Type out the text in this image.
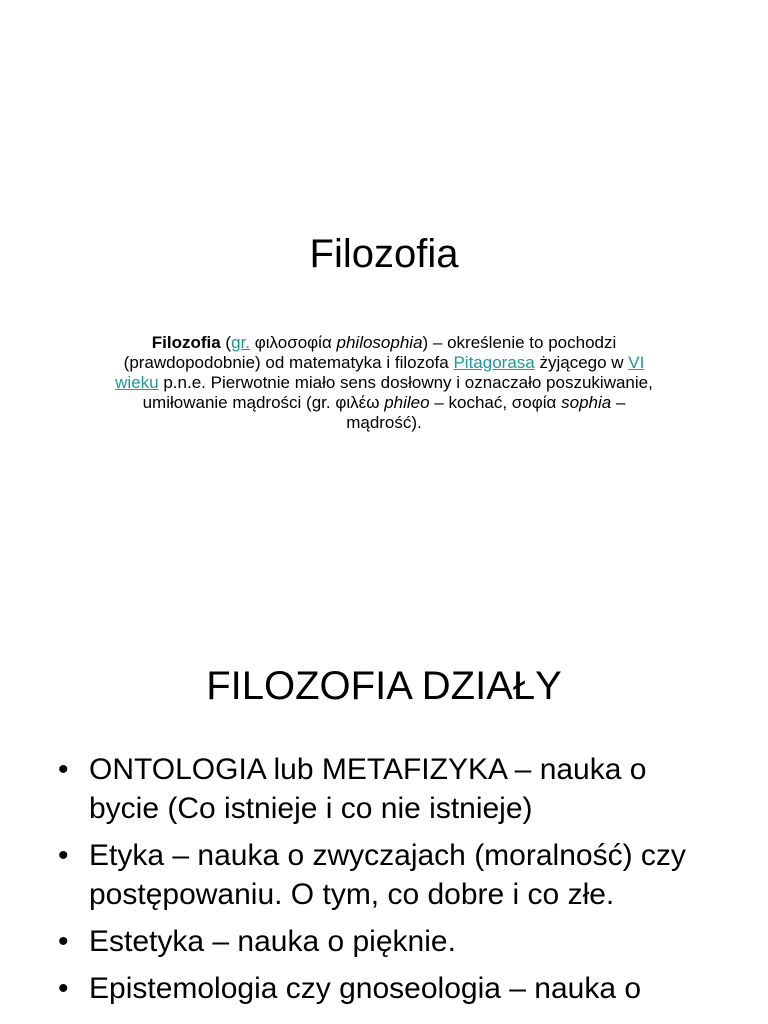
Filozofia
Filozofia (gr. φιλοσοφία philosophia) – określenie to pochodzi (prawdopodobnie) od matematyka i filozofa Pitagorasa żyjącego w VI wieku p.n.e. Pierwotnie miało sens dosłowny i oznaczało poszukiwanie, umiłowanie mądrości (gr. φιλέω phileo – kochać, σοφία sophia – mądrość).
FILOZOFIA DZIAŁY
• ONTOLOGIA lub METAFIZYKA – nauka o bycie (Co istnieje i co nie istnieje)
• Etyka – nauka o zwyczajach (moralność) czy postępowaniu. O tym, co dobre i co złe.
• Estetyka – nauka o pięknie.
• Epistemologia czy gnoseologia – nauka o
